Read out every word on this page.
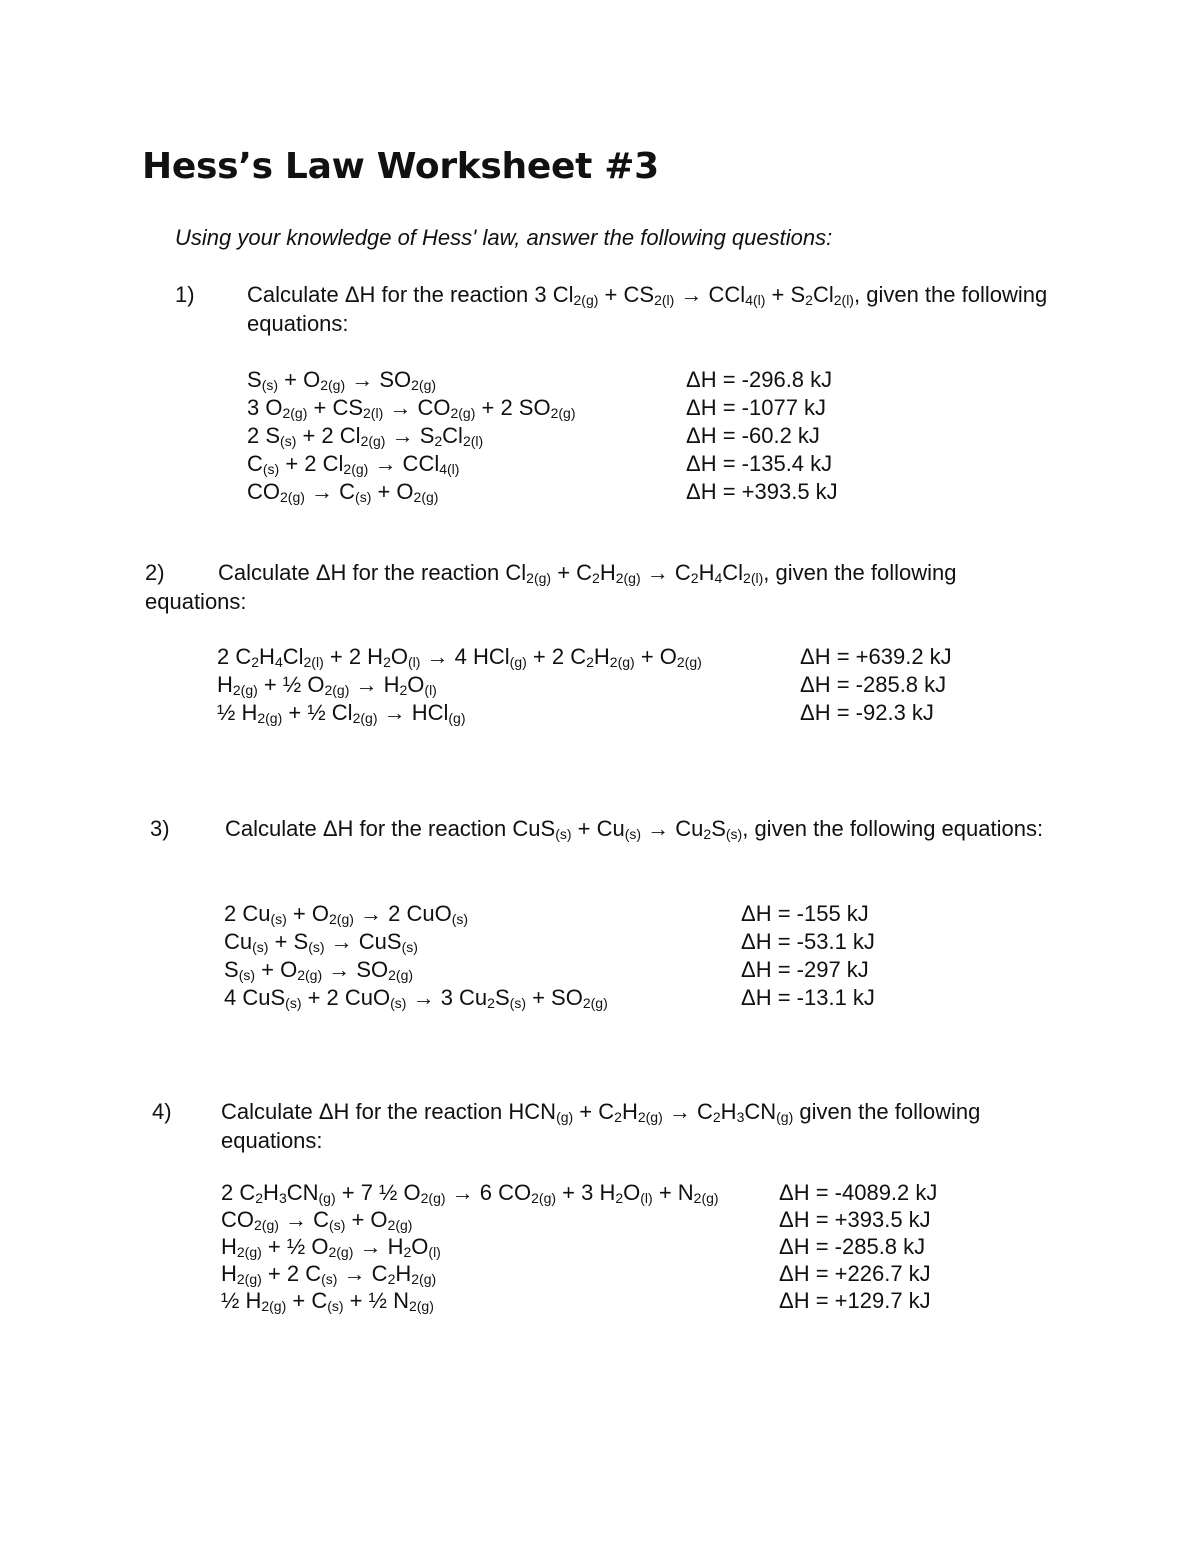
Hess’s Law Worksheet #3
Using your knowledge of Hess' law, answer the following questions:
1) Calculate ΔH for the reaction 3 $Cl_{2(g)} + CS_{2(l)} \to CCl_{4(l)} + S_2Cl_{2(l)}$, given the following equations:
$S_{(s)} + O_{2(g)} \to SO_{2(g)}$	ΔH = -296.8 kJ
3 $O_{2(g)} + CS_{2(l)} \to CO_{2(g)} + 2$ $SO_{2(g)}$	ΔH = -1077 kJ
2 $S_{(s)} + 2$ $Cl_{2(g)} \to S_2Cl_{2(l)}$	ΔH = -60.2 kJ
$C_{(s)} + 2$ $Cl_{2(g)} \to CCl_{4(l)}$	ΔH = -135.4 kJ
$CO_{2(g)} \to C_{(s)} + O_{2(g)}$	ΔH = +393.5 kJ
2)	Calculate ΔH for the reaction $Cl_{2(g)} + C_2H_{2(g)} \to C_2H_4Cl_{2(l)}$, given the following equations:
2 $C_2H_4Cl_{2(l)} + 2$ $H_2O_{(l)} \to 4$ HCl$_{(g)}$ + 2 $C_2H_{2(g)} + O_{2(g)}$	ΔH = +639.2 kJ
$H_{2(g)}$ + ½ $O_{2(g)} \to H_2O_{(l)}$	ΔH = -285.8 kJ
½ $H_{2(g)}$ + ½ $Cl_{2(g)} \to HCl_{(g)}$	ΔH = -92.3 kJ
3)	Calculate ΔH for the reaction $CuS_{(s)} + Cu_{(s)} \to Cu_2S_{(s)}$, given the following equations:
2 $Cu_{(s)} + O_{2(g)} \to 2$ CuO$_{(s)}$	ΔH = -155 kJ
$Cu_{(s)} + S_{(s)} \to CuS_{(s)}$	ΔH = -53.1 kJ
$S_{(s)} + O_{2(g)} \to SO_{2(g)}$	ΔH = -297 kJ
4 CuS$_{(s)}$ + 2 CuO$_{(s)}$ → 3 $Cu_2S_{(s)} + SO_{2(g)}$	ΔH = -13.1 kJ
4) Calculate ΔH for the reaction $HCN_{(g)} + C_2H_{2(g)} \to C_2H_3CN_{(g)}$ given the following equations:
2 $C_2H_3CN_{(g)} + 7$ ½ $O_{2(g)} \to 6$ $CO_{2(g)} + 3$ $H_2O_{(l)} + N_{2(g)}$	ΔH = -4089.2 kJ
$CO_{2(g)} \to C_{(s)} + O_{2(g)}$	ΔH = +393.5 kJ
$H_{2(g)}$ + ½ $O_{2(g)} \to H_2O_{(l)}$	ΔH = -285.8 kJ
$H_{2(g)} + 2$ $C_{(s)} \to C_2H_{2(g)}$	ΔH = +226.7 kJ
½ $H_{2(g)} + C_{(s)}$ + ½ $N_{2(g)}$	ΔH = +129.7 kJ
